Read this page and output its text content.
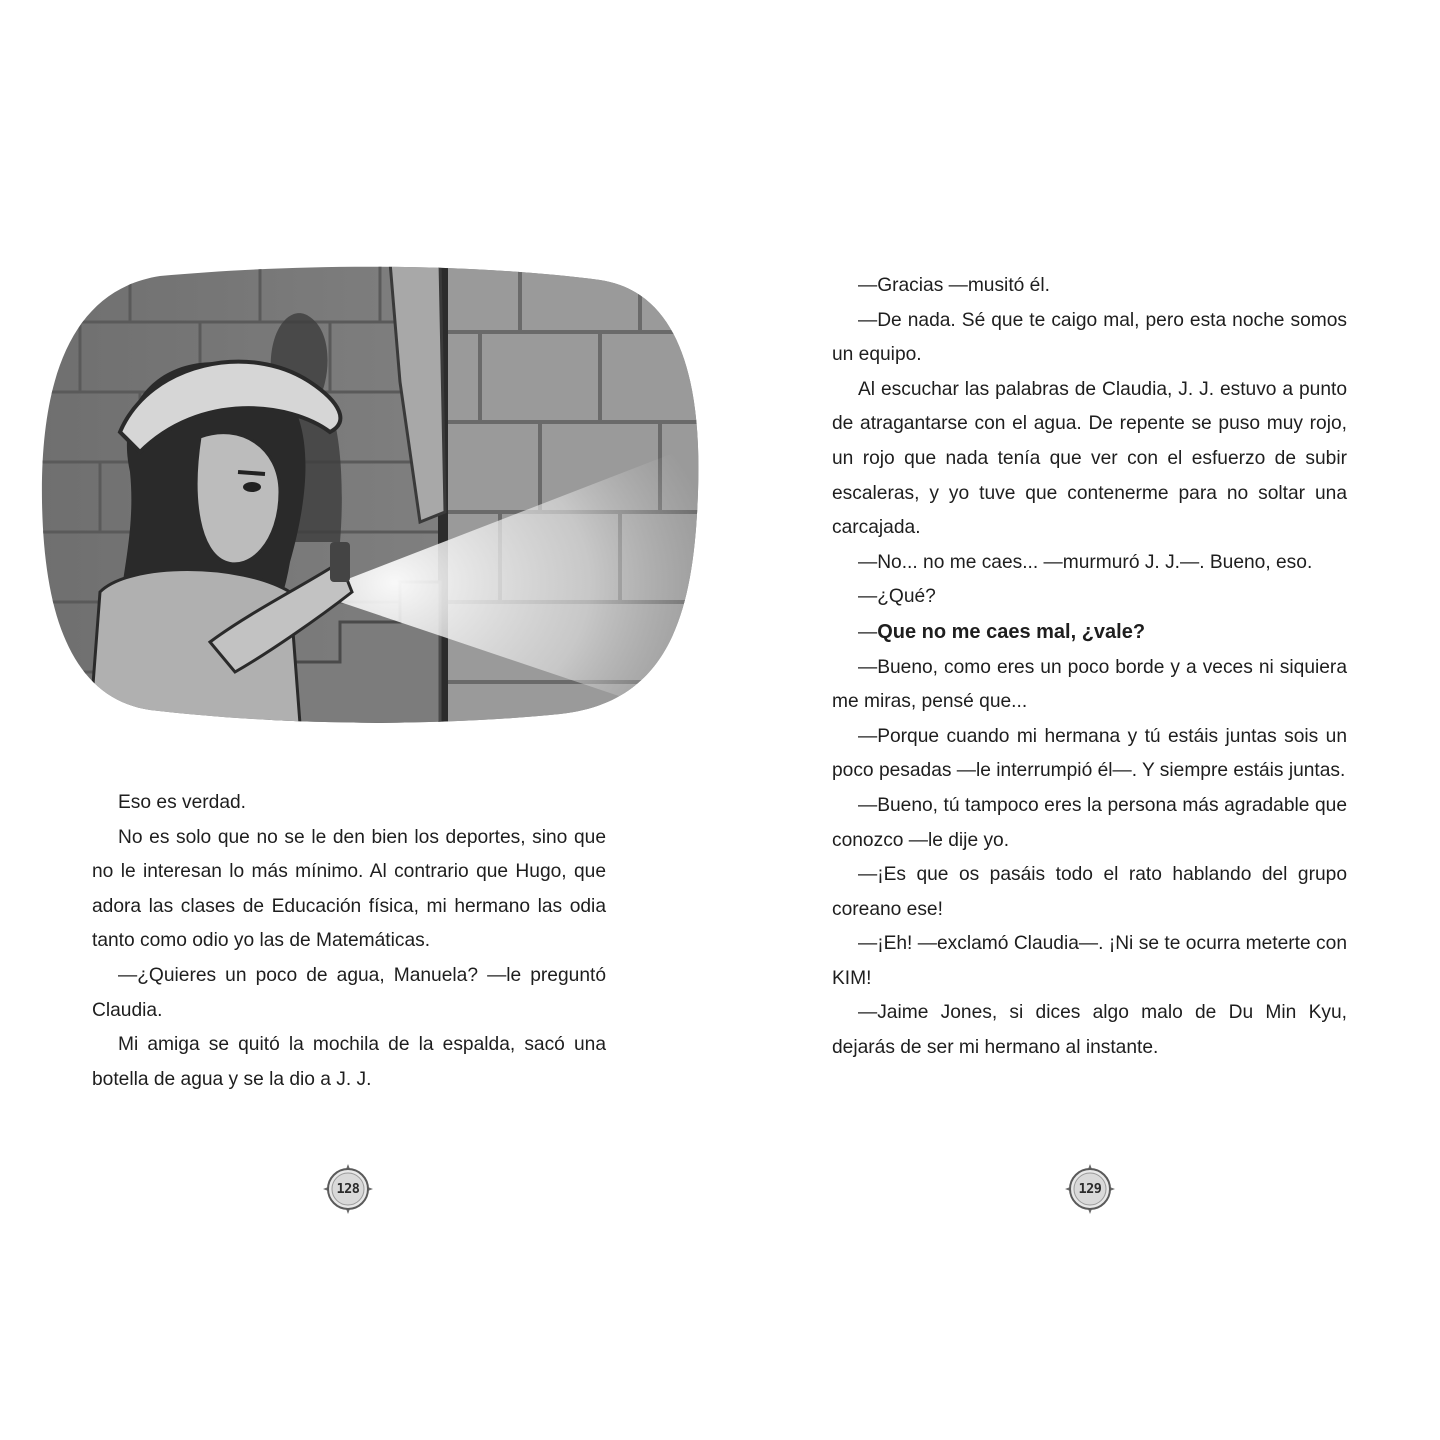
Eso es verdad.

No es solo que no se le den bien los deportes, sino que no le interesan lo más mínimo. Al contrario que Hugo, que adora las clases de Educación física, mi hermano las odia tanto como odio yo las de Matemáticas.

—¿Quieres un poco de agua, Manuela? —le preguntó Claudia.

Mi amiga se quitó la mochila de la espalda, sacó una botella de agua y se la dio a J. J.

128

—Gracias —musitó él.

—De nada. Sé que te caigo mal, pero esta noche somos un equipo.

Al escuchar las palabras de Claudia, J. J. estuvo a punto de atragantarse con el agua. De repente se puso muy rojo, un rojo que nada tenía que ver con el esfuerzo de subir escaleras, y yo tuve que contenerme para no soltar una carcajada.

—No... no me caes... —murmuró J. J.—. Bueno, eso.

—¿Qué?

—Que no me caes mal, ¿vale?

—Bueno, como eres un poco borde y a veces ni siquiera me miras, pensé que...

—Porque cuando mi hermana y tú estáis juntas sois un poco pesadas —le interrumpió él—. Y siempre estáis juntas.

—Bueno, tú tampoco eres la persona más agradable que conozco —le dije yo.

—¡Es que os pasáis todo el rato hablando del grupo coreano ese!

—¡Eh! —exclamó Claudia—. ¡Ni se te ocurra meterte con KIM!

—Jaime Jones, si dices algo malo de Du Min Kyu, dejarás de ser mi hermano al instante.

129
